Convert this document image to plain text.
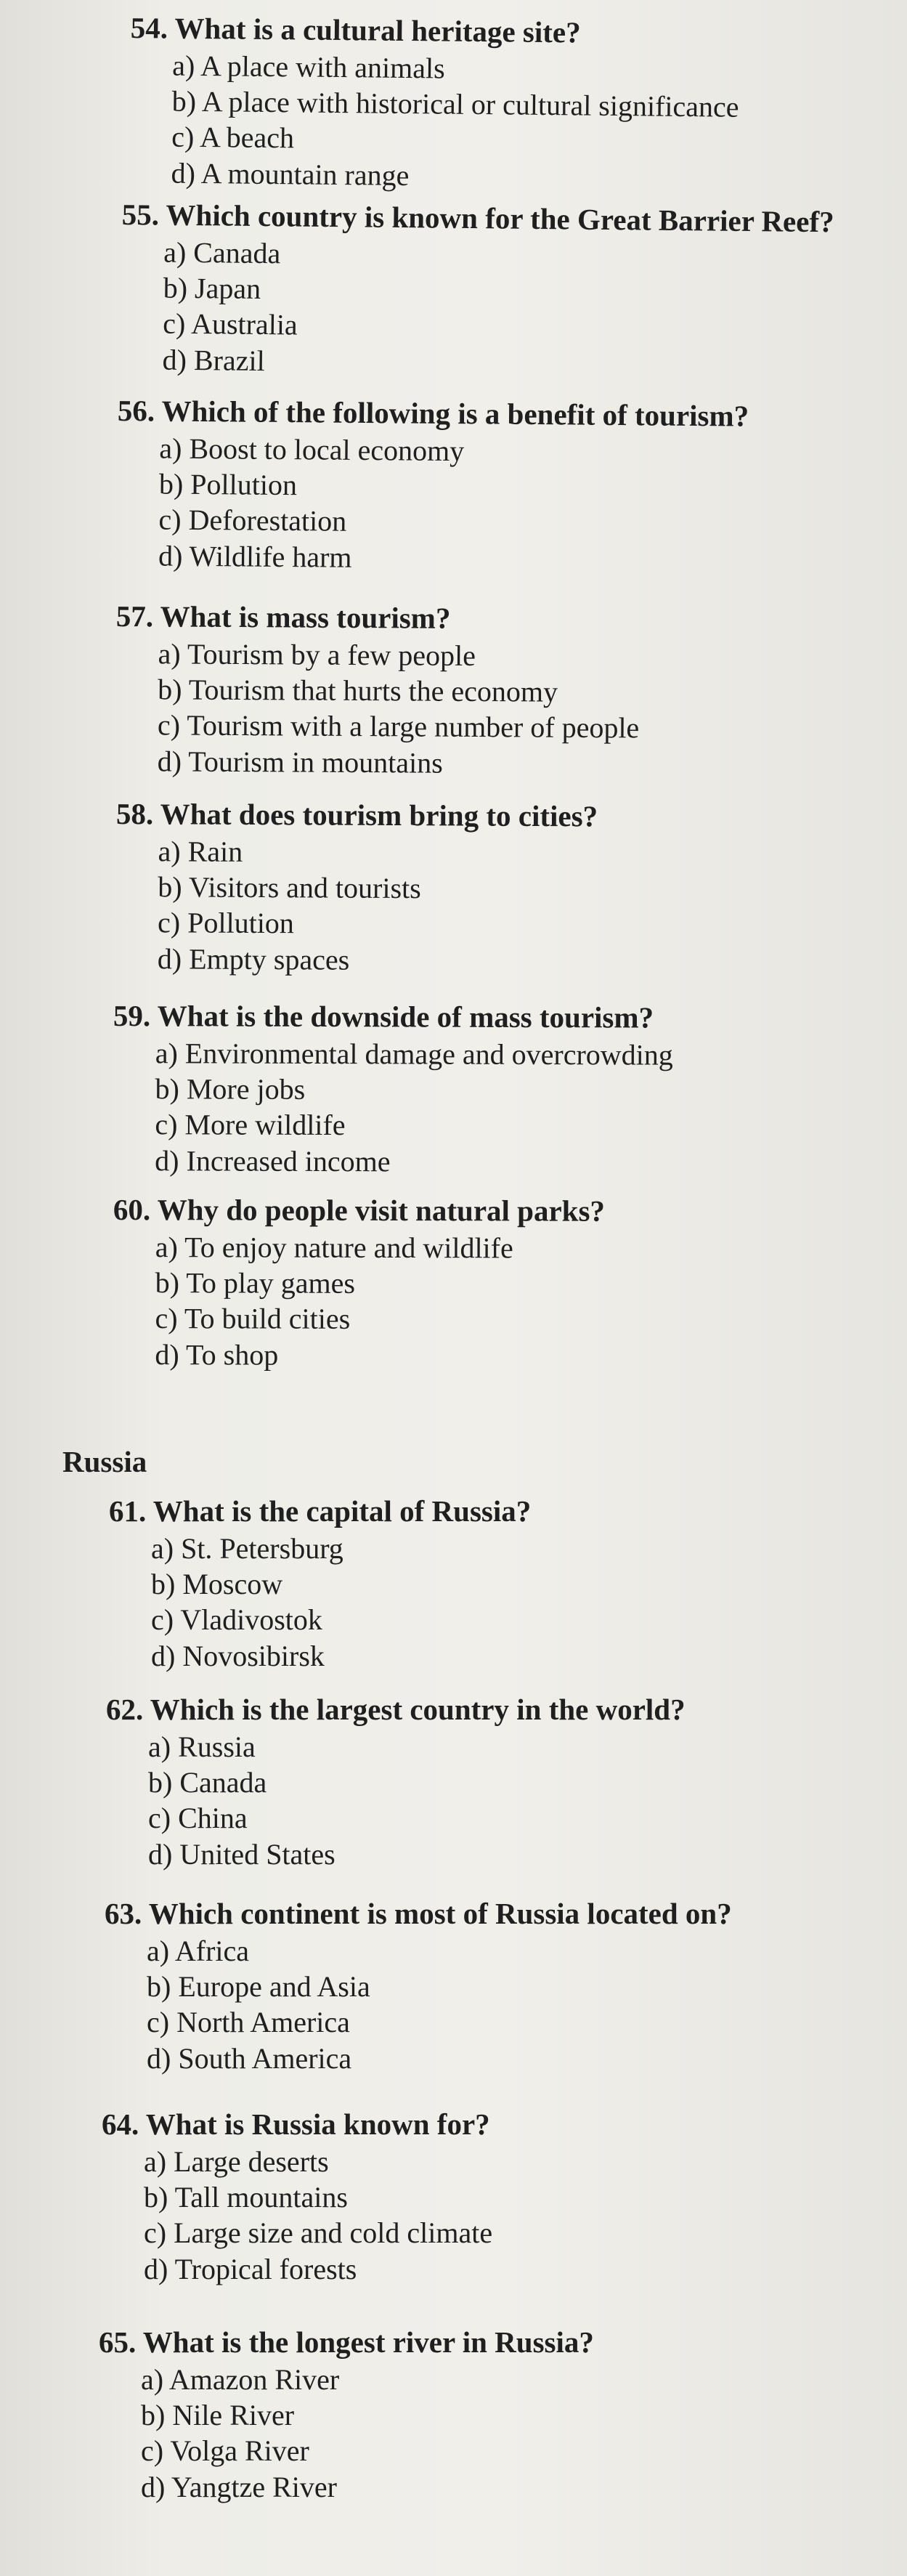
54. What is a cultural heritage site?
a) A place with animals
b) A place with historical or cultural significance
c) A beach
d) A mountain range
55. Which country is known for the Great Barrier Reef?
a) Canada
b) Japan
c) Australia
d) Brazil
56. Which of the following is a benefit of tourism?
a) Boost to local economy
b) Pollution
c) Deforestation
d) Wildlife harm
57. What is mass tourism?
a) Tourism by a few people
b) Tourism that hurts the economy
c) Tourism with a large number of people
d) Tourism in mountains
58. What does tourism bring to cities?
a) Rain
b) Visitors and tourists
c) Pollution
d) Empty spaces
59. What is the downside of mass tourism?
a) Environmental damage and overcrowding
b) More jobs
c) More wildlife
d) Increased income
60. Why do people visit natural parks?
a) To enjoy nature and wildlife
b) To play games
c) To build cities
d) To shop
Russia
61. What is the capital of Russia?
a) St. Petersburg
b) Moscow
c) Vladivostok
d) Novosibirsk
62. Which is the largest country in the world?
a) Russia
b) Canada
c) China
d) United States
63. Which continent is most of Russia located on?
a) Africa
b) Europe and Asia
c) North America
d) South America
64. What is Russia known for?
a) Large deserts
b) Tall mountains
c) Large size and cold climate
d) Tropical forests
65. What is the longest river in Russia?
a) Amazon River
b) Nile River
c) Volga River
d) Yangtze River
